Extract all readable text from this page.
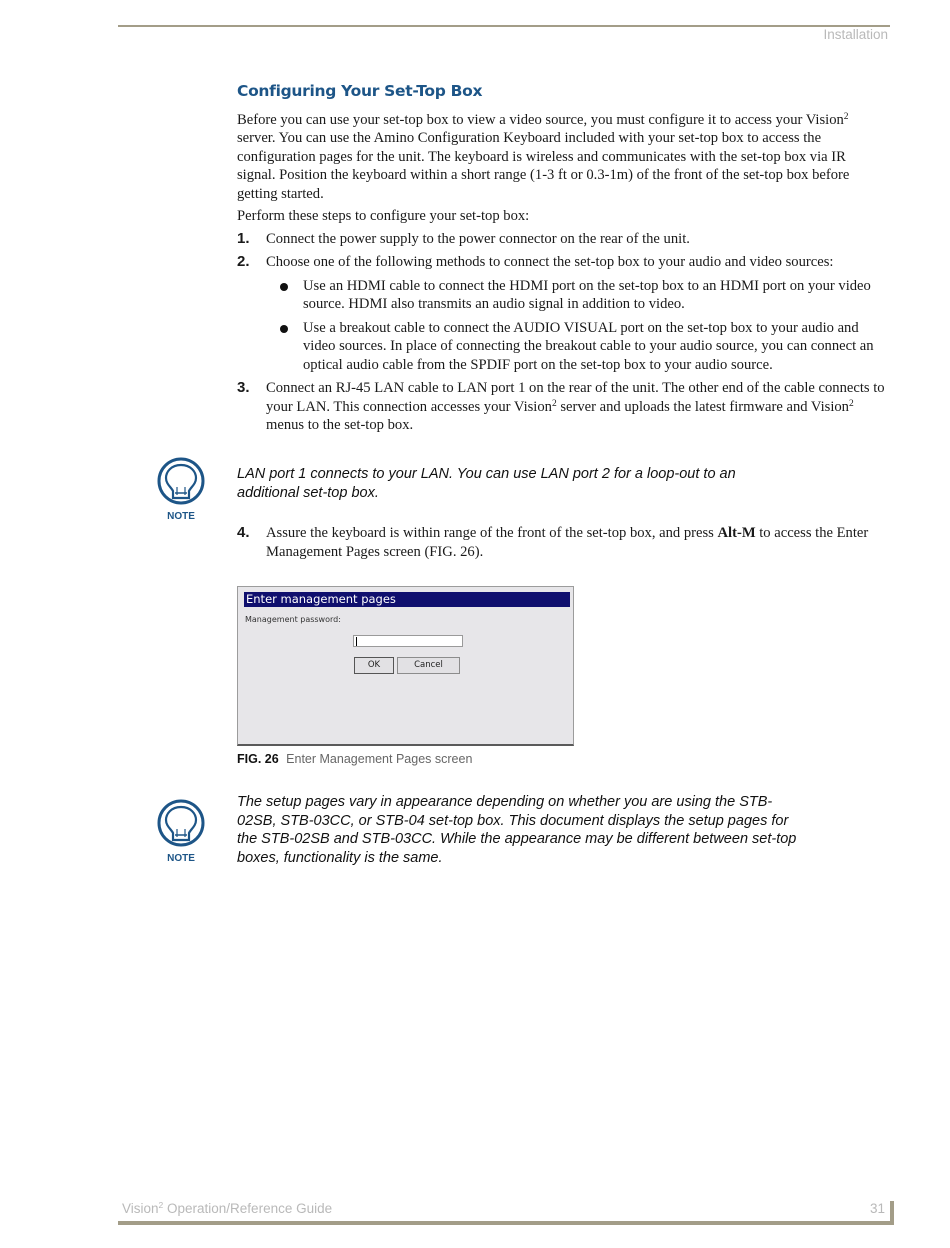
Installation
Configuring Your Set-Top Box

Before you can use your set-top box to view a video source, you must configure it to access your Vision$^2$ server. You can use the Amino Configuration Keyboard included with your set-top box to access the configuration pages for the unit. The keyboard is wireless and communicates with the set-top box via IR signal. Position the keyboard within a short range (1-3 ft or 0.3-1m) of the front of the set-top box before getting started.

Perform these steps to configure your set-top box:

1. Connect the power supply to the power connector on the rear of the unit.
2. Choose one of the following methods to connect the set-top box to your audio and video sources:
Use an HDMI cable to connect the HDMI port on the set-top box to an HDMI port on your video source. HDMI also transmits an audio signal in addition to video.
Use a breakout cable to connect the AUDIO VISUAL port on the set-top box to your audio and video sources. In place of connecting the breakout cable to your audio source, you can connect an optical audio cable from the SPDIF port on the set-top box to your audio source.
3. Connect an RJ-45 LAN cable to LAN port 1 on the rear of the unit. The other end of the cable connects to your LAN. This connection accesses your Vision$^2$ server and uploads the latest firmware and Vision$^2$ menus to the set-top box.
NOTE
LAN port 1 connects to your LAN. You can use LAN port 2 for a loop-out to an additional set-top box.
4. Assure the keyboard is within range of the front of the set-top box, and press Alt-M to access the Enter Management Pages screen (FIG. 26).
Enter management pages
Management password:
OK	Cancel
FIG. 26 Enter Management Pages screen
NOTE
The setup pages vary in appearance depending on whether you are using the STB-02SB, STB-03CC, or STB-04 set-top box. This document displays the setup pages for the STB-02SB and STB-03CC. While the appearance may be different between set-top boxes, functionality is the same.
Vision$^2$ Operation/Reference Guide	31
